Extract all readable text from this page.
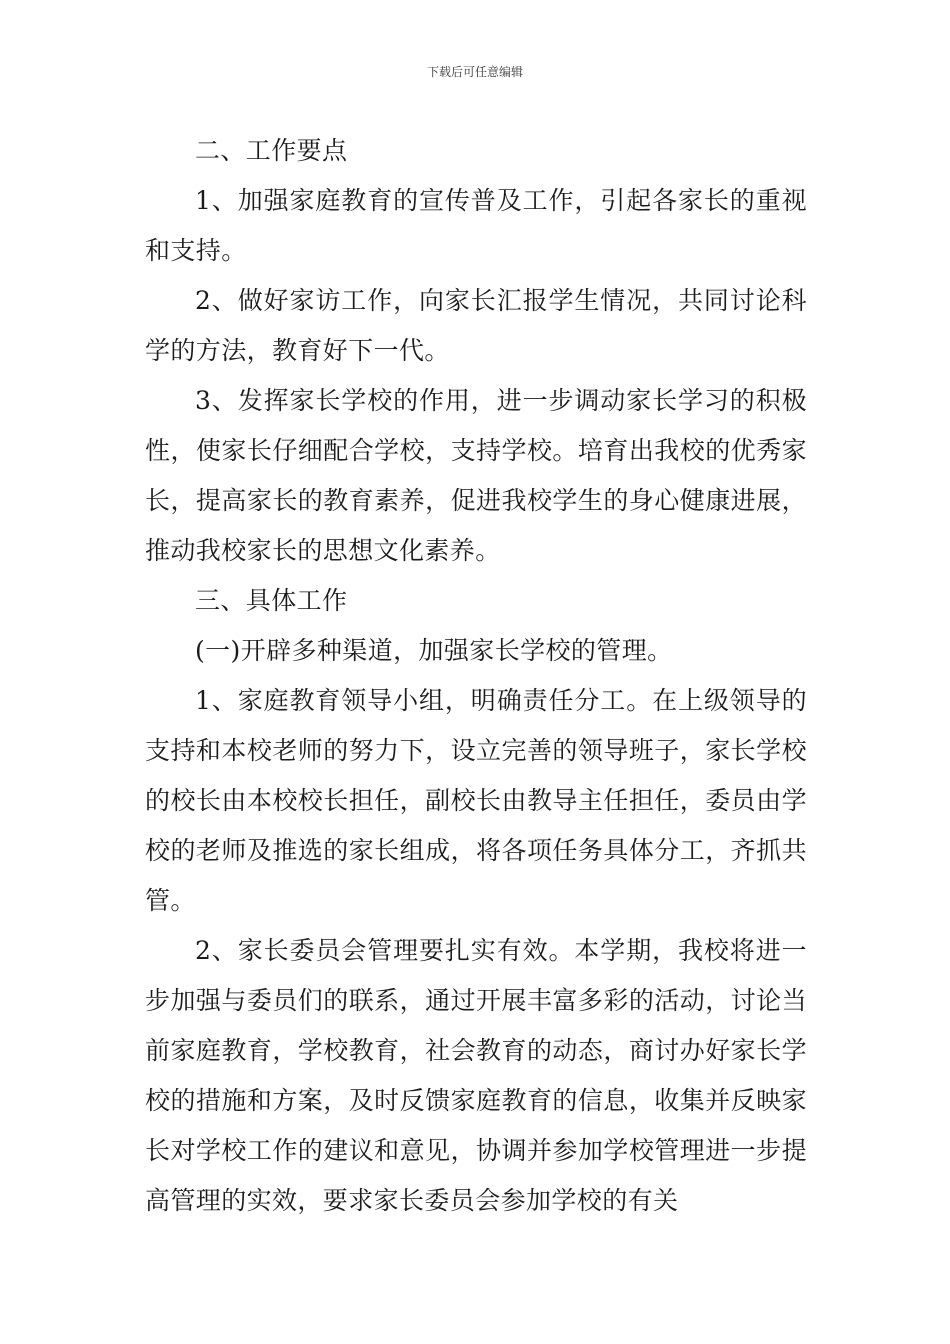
下载后可任意编辑

二、工作要点

1、加强家庭教育的宣传普及工作，引起各家长的重视和支持。

2、做好家访工作，向家长汇报学生情况，共同讨论科学的方法，教育好下一代。

3、发挥家长学校的作用，进一步调动家长学习的积极性，使家长仔细配合学校，支持学校。培育出我校的优秀家长，提高家长的教育素养，促进我校学生的身心健康进展，推动我校家长的思想文化素养。

三、具体工作

(一)开辟多种渠道，加强家长学校的管理。

1、家庭教育领导小组，明确责任分工。在上级领导的支持和本校老师的努力下，设立完善的领导班子，家长学校的校长由本校校长担任，副校长由教导主任担任，委员由学校的老师及推选的家长组成，将各项任务具体分工，齐抓共管。

2、家长委员会管理要扎实有效。本学期，我校将进一步加强与委员们的联系，通过开展丰富多彩的活动，讨论当前家庭教育，学校教育，社会教育的动态，商讨办好家长学校的措施和方案，及时反馈家庭教育的信息，收集并反映家长对学校工作的建议和意见，协调并参加学校管理进一步提高管理的实效，要求家长委员会参加学校的有关
